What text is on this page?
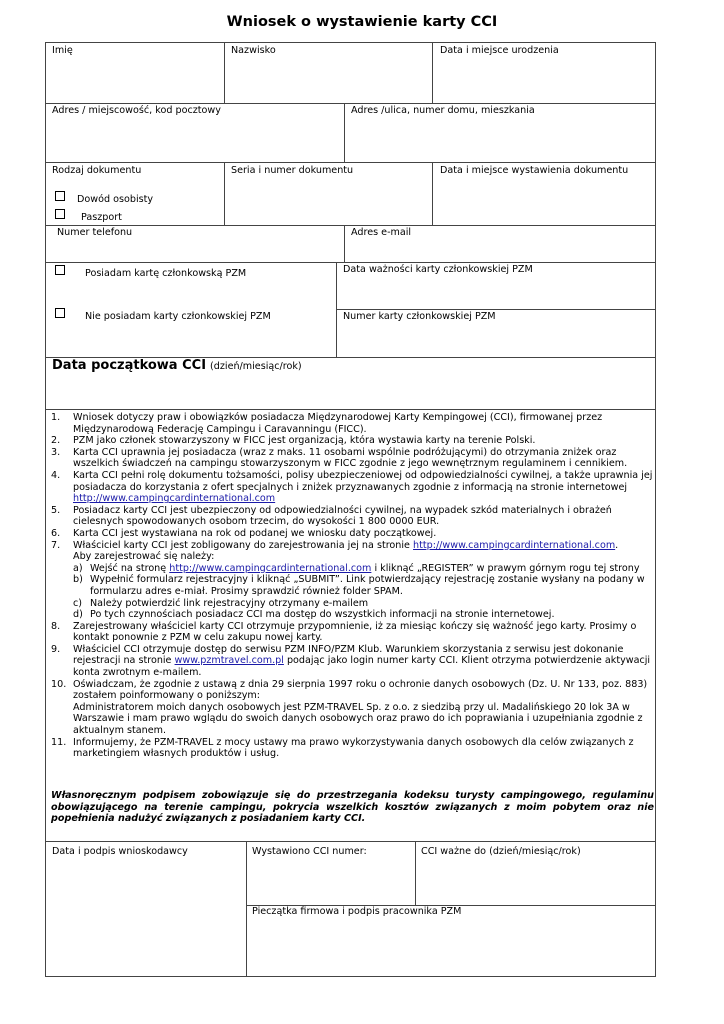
Wniosek o wystawienie karty CCI
Imię	Nazwisko	Data i miejsce urodzenia
Adres / miejscowość, kod pocztowy	Adres /ulica, numer domu, mieszkania
Rodzaj dokumentu
Dowód osobisty
Paszport
Seria i numer dokumentu	Data i miejsce wystawienia dokumentu
Numer telefonu	Adres e-mail
Posiadam kartę członkowską PZM
Nie posiadam karty członkowskiej PZM
Data ważności karty członkowskiej PZM
Numer karty członkowskiej PZM
Data początkowa CCI (dzień/miesiąc/rok)
1. Wniosek dotyczy praw i obowiązków posiadacza Międzynarodowej Karty Kempingowej (CCI), firmowanej przez Międzynarodową Federację Campingu i Caravanningu (FICC).
2. PZM jako członek stowarzyszony w FICC jest organizacją, która wystawia karty na terenie Polski.
3. Karta CCI uprawnia jej posiadacza (wraz z maks. 11 osobami wspólnie podróżującymi) do otrzymania zniżek oraz wszelkich świadczeń na campingu stowarzyszonym w FICC zgodnie z jego wewnętrznym regulaminem i cennikiem.
4. Karta CCI pełni rolę dokumentu tożsamości, polisy ubezpieczeniowej od odpowiedzialności cywilnej, a także uprawnia jej posiadacza do korzystania z ofert specjalnych i zniżek przyznawanych zgodnie z informacją na stronie internetowej http://www.campingcardinternational.com
5. Posiadacz karty CCI jest ubezpieczony od odpowiedzialności cywilnej, na wypadek szkód materialnych i obrażeń cielesnych spowodowanych osobom trzecim, do wysokości 1 800 0000 EUR.
6. Karta CCI jest wystawiana na rok od podanej we wniosku daty początkowej.
7. Właściciel karty CCI jest zobligowany do zarejestrowania jej na stronie http://www.campingcardinternational.com.
Aby zarejestrować się należy:
a) Wejść na stronę http://www.campingcardinternational.com i kliknąć „REGISTER” w prawym górnym rogu tej strony
b) Wypełnić formularz rejestracyjny i kliknąć „SUBMIT”. Link potwierdzający rejestrację zostanie wysłany na podany w formularzu adres e-miał. Prosimy sprawdzić również folder SPAM.
c) Należy potwierdzić link rejestracyjny otrzymany e-mailem
d) Po tych czynnościach posiadacz CCI ma dostęp do wszystkich informacji na stronie internetowej.
8. Zarejestrowany właściciel karty CCI otrzymuje przypomnienie, iż za miesiąc kończy się ważność jego karty. Prosimy o kontakt ponownie z PZM w celu zakupu nowej karty.
9. Właściciel CCI otrzymuje dostęp do serwisu PZM INFO/PZM Klub. Warunkiem skorzystania z serwisu jest dokonanie rejestracji na stronie www.pzmtravel.com.pl podając jako login numer karty CCI. Klient otrzyma potwierdzenie aktywacji konta zwrotnym e-mailem.
10. Oświadczam, że zgodnie z ustawą z dnia 29 sierpnia 1997 roku o ochronie danych osobowych (Dz. U. Nr 133, poz. 883) zostałem poinformowany o poniższym:
Administratorem moich danych osobowych jest PZM-TRAVEL Sp. z o.o. z siedzibą przy ul. Madalińskiego 20 lok 3A w Warszawie i mam prawo wglądu do swoich danych osobowych oraz prawo do ich poprawiania i uzupełniania zgodnie z aktualnym stanem.
11. Informujemy, że PZM-TRAVEL z mocy ustawy ma prawo wykorzystywania danych osobowych dla celów związanych z marketingiem własnych produktów i usług.
Własnoręcznym podpisem zobowiązuje się do przestrzegania kodeksu turysty campingowego, regulaminu obowiązującego na terenie campingu, pokrycia wszelkich kosztów związanych z moim pobytem oraz nie popełnienia nadużyć związanych z posiadaniem karty CCI.
Data i podpis wnioskodawcy	Wystawiono CCI numer:	CCI ważne do (dzień/miesiąc/rok)
Pieczątka firmowa i podpis pracownika PZM
